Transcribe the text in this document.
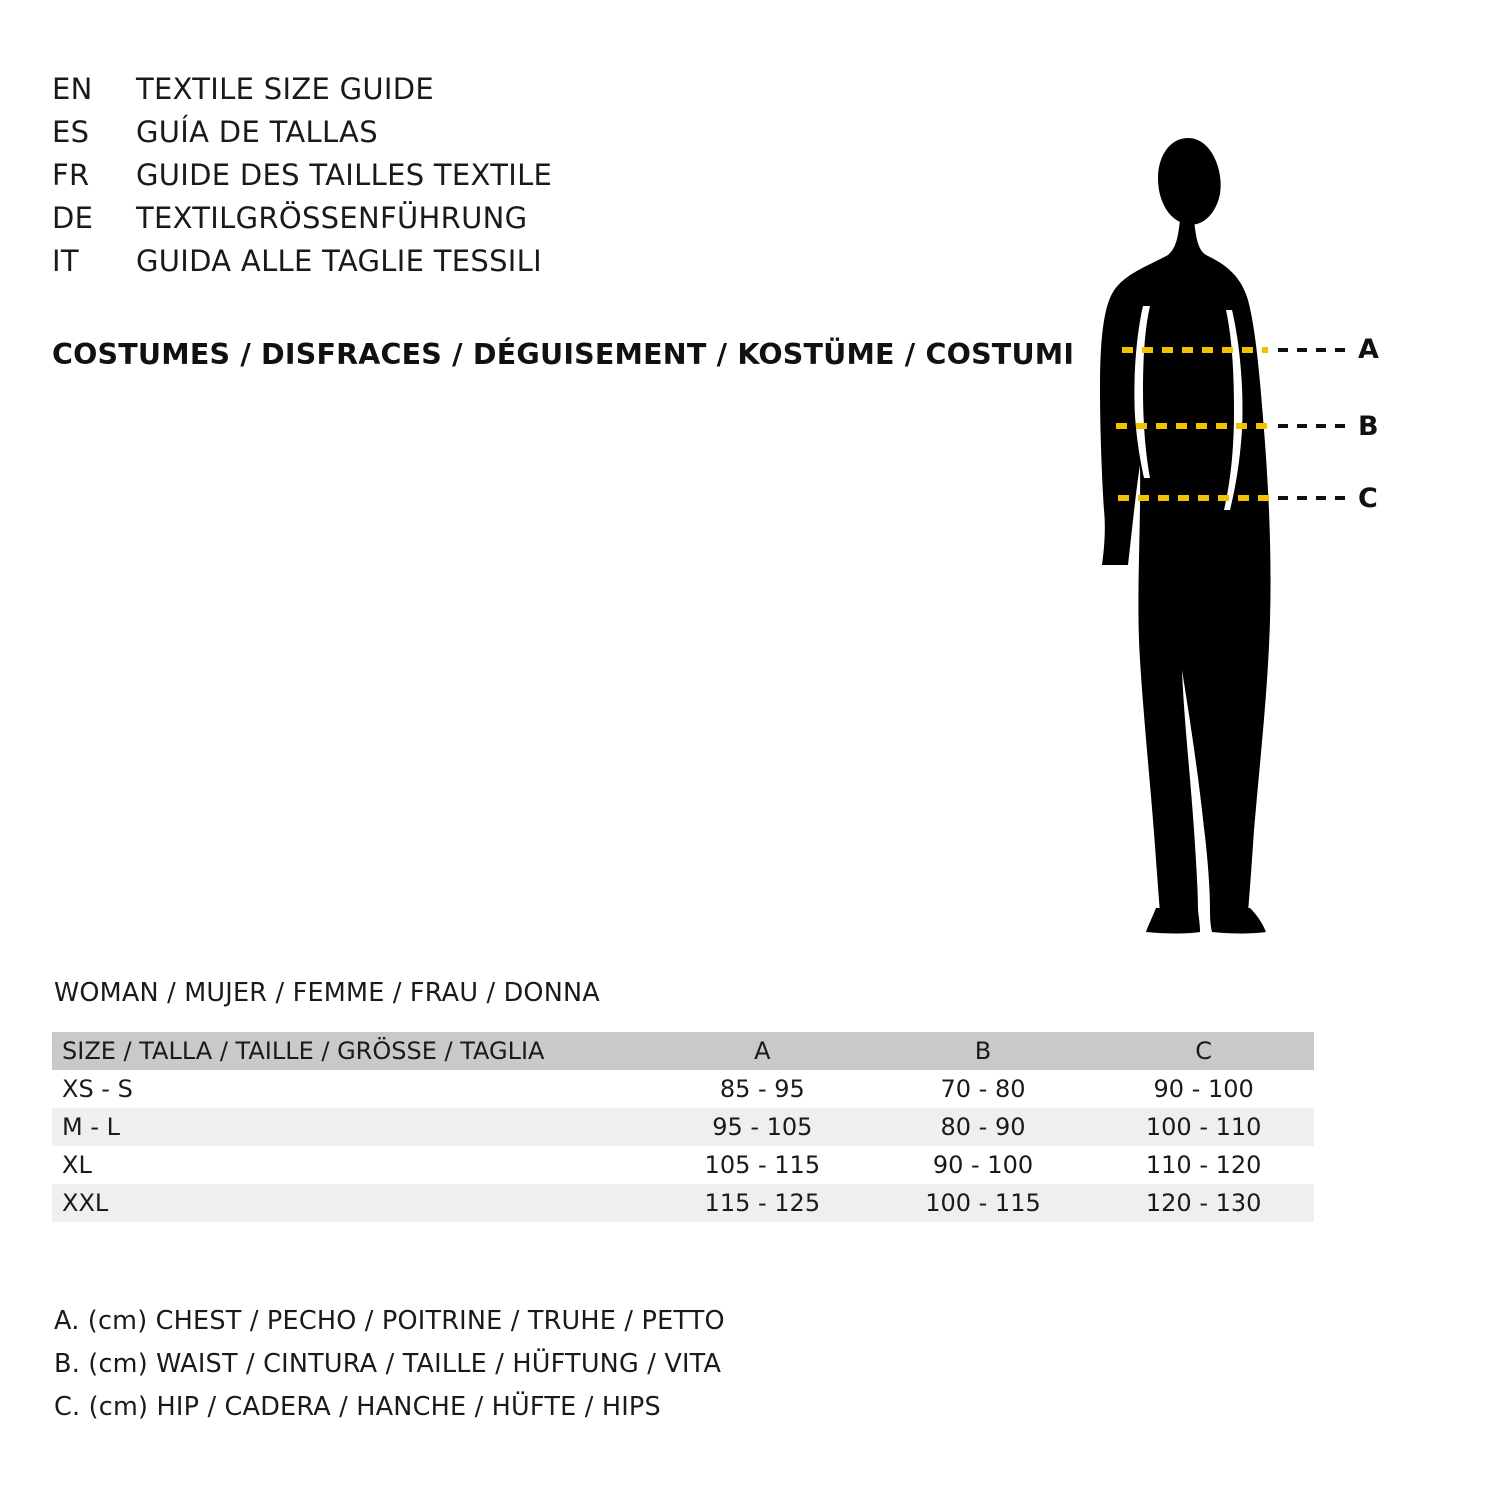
EN	TEXTILE SIZE GUIDE
ES	GUÍA DE TALLAS
FR	GUIDE DES TAILLES TEXTILE
DE	TEXTILGRÖSSENFÜHRUNG
IT	GUIDA ALLE TAGLIE TESSILI
COSTUMES / DISFRACES / DÉGUISEMENT / KOSTÜME / COSTUMI	A
B
C
WOMAN / MUJER / FEMME / FRAU / DONNA
SIZE / TALLA / TAILLE / GRÖSSE / TAGLIA	A	B	C
XS - S	85 - 95	70 - 80	90 - 100
M - L	95 - 105	80 - 90	100 - 110
XL	105 - 115	90 - 100	110 - 120
XXL	115 - 125	100 - 115	120 - 130
A. (cm) CHEST / PECHO / POITRINE / TRUHE / PETTO
B. (cm) WAIST / CINTURA / TAILLE / HÜFTUNG / VITA
C. (cm) HIP / CADERA / HANCHE / HÜFTE / HIPS
